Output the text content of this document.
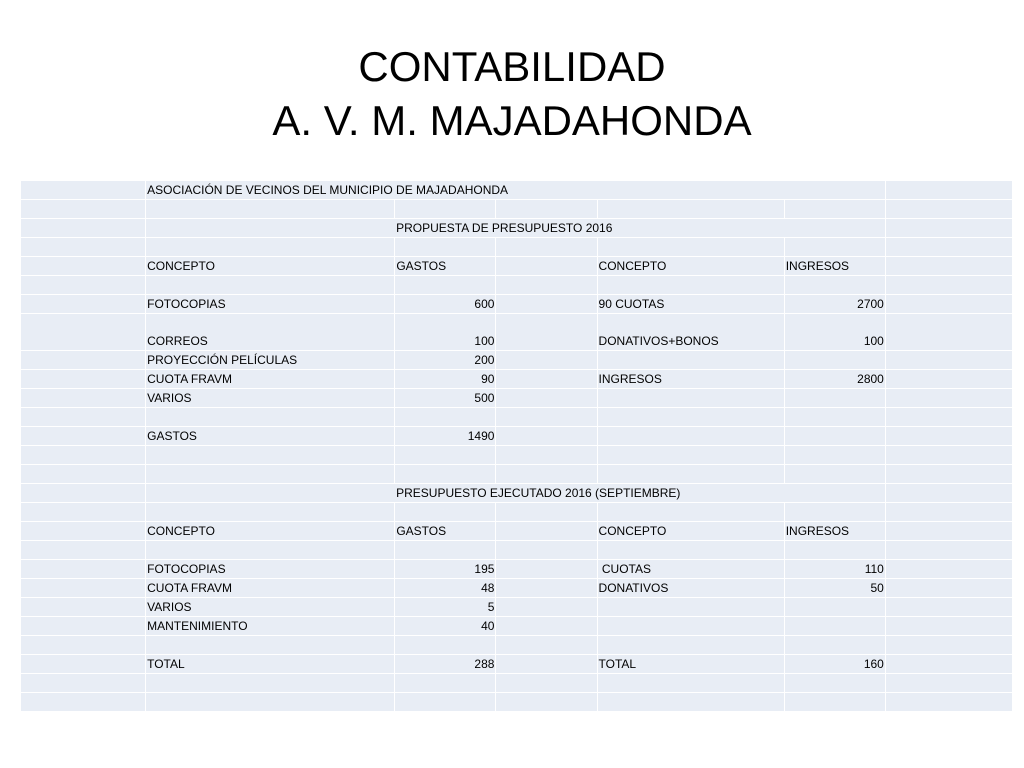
CONTABILIDAD
A. V. M. MAJADAHONDA
	ASOCIACIÓN DE VECINOS DEL MUNICIPIO DE MAJADAHONDA					

	PROPUESTA DE PRESUPUESTO 2016					

	CONCEPTO	GASTOS		CONCEPTO	INGRESOS	

	FOTOCOPIAS	600		90 CUOTAS	2700	
	CORREOS	100		DONATIVOS+BONOS	100	
	PROYECCIÓN PELÍCULAS	200				
	CUOTA FRAVM	90		INGRESOS	2800	
	VARIOS	500				

	GASTOS	1490				

	PRESUPUESTO EJECUTADO 2016 (SEPTIEMBRE)					

	CONCEPTO	GASTOS		CONCEPTO	INGRESOS	

	FOTOCOPIAS	195		CUOTAS	110	
	CUOTA FRAVM	48		DONATIVOS	50	
	VARIOS	5				
	MANTENIMIENTO	40				

	TOTAL	288		TOTAL	160	
